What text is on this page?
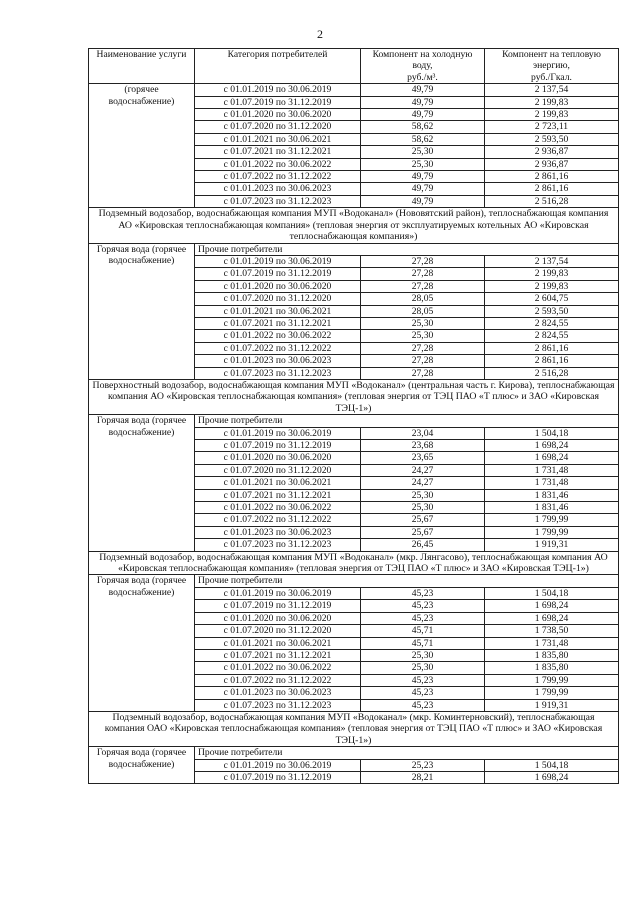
2
Наименование услуги	Категория потребителей	Компонент на холодную воду,
руб./м³.	Компонент на тепловую энергию,
руб./Гкал.
(горячее водоснабжение)	с 01.01.2019 по 30.06.2019	49,79	2 137,54
	с 01.07.2019 по 31.12.2019	49,79	2 199,83
	с 01.01.2020 по 30.06.2020	49,79	2 199,83
	с 01.07.2020 по 31.12.2020	58,62	2 723,11
	с 01.01.2021 по 30.06.2021	58,62	2 593,50
	с 01.07.2021 по 31.12.2021	25,30	2 936,87
	с 01.01.2022 по 30.06.2022	25,30	2 936,87
	с 01.07.2022 по 31.12.2022	49,79	2 861,16
	с 01.01.2023 по 30.06.2023	49,79	2 861,16
	с 01.07.2023 по 31.12.2023	49,79	2 516,28
Подземный водозабор, водоснабжающая компания МУП «Водоканал» (Нововятский район), теплоснабжающая компания АО «Кировская теплоснабжающая компания» (тепловая энергия от эксплуатируемых котельных АО «Кировская теплоснабжающая компания»)			
Горячая вода (горячее водоснабжение)	Прочие потребители		
	с 01.01.2019 по 30.06.2019	27,28	2 137,54
	с 01.07.2019 по 31.12.2019	27,28	2 199,83
	с 01.01.2020 по 30.06.2020	27,28	2 199,83
	с 01.07.2020 по 31.12.2020	28,05	2 604,75
	с 01.01.2021 по 30.06.2021	28,05	2 593,50
	с 01.07.2021 по 31.12.2021	25,30	2 824,55
	с 01.01.2022 по 30.06.2022	25,30	2 824,55
	с 01.07.2022 по 31.12.2022	27,28	2 861,16
	с 01.01.2023 по 30.06.2023	27,28	2 861,16
	с 01.07.2023 по 31.12.2023	27,28	2 516,28
Поверхностный водозабор, водоснабжающая компания МУП «Водоканал» (центральная часть г. Кирова), теплоснабжающая компания АО «Кировская теплоснабжающая компания» (тепловая энергия от ТЭЦ ПАО «Т плюс» и ЗАО «Кировская ТЭЦ-1»)			
Горячая вода (горячее водоснабжение)	Прочие потребители		
	с 01.01.2019 по 30.06.2019	23,04	1 504,18
	с 01.07.2019 по 31.12.2019	23,68	1 698,24
	с 01.01.2020 по 30.06.2020	23,65	1 698,24
	с 01.07.2020 по 31.12.2020	24,27	1 731,48
	с 01.01.2021 по 30.06.2021	24,27	1 731,48
	с 01.07.2021 по 31.12.2021	25,30	1 831,46
	с 01.01.2022 по 30.06.2022	25,30	1 831,46
	с 01.07.2022 по 31.12.2022	25,67	1 799,99
	с 01.01.2023 по 30.06.2023	25,67	1 799,99
	с 01.07.2023 по 31.12.2023	26,45	1 919,31
Подземный водозабор, водоснабжающая компания МУП «Водоканал» (мкр. Лянгасово), теплоснабжающая компания АО «Кировская теплоснабжающая компания» (тепловая энергия от ТЭЦ ПАО «Т плюс» и ЗАО «Кировская ТЭЦ-1»)			
Горячая вода (горячее водоснабжение)	Прочие потребители		
	с 01.01.2019 по 30.06.2019	45,23	1 504,18
	с 01.07.2019 по 31.12.2019	45,23	1 698,24
	с 01.01.2020 по 30.06.2020	45,23	1 698,24
	с 01.07.2020 по 31.12.2020	45,71	1 738,50
	с 01.01.2021 по 30.06.2021	45,71	1 731,48
	с 01.07.2021 по 31.12.2021	25,30	1 835,80
	с 01.01.2022 по 30.06.2022	25,30	1 835,80
	с 01.07.2022 по 31.12.2022	45,23	1 799,99
	с 01.01.2023 по 30.06.2023	45,23	1 799,99
	с 01.07.2023 по 31.12.2023	45,23	1 919,31
Подземный водозабор, водоснабжающая компания МУП «Водоканал» (мкр. Коминтерновский), теплоснабжающая компания ОАО «Кировская теплоснабжающая компания» (тепловая энергия от ТЭЦ ПАО «Т плюс» и ЗАО «Кировская ТЭЦ-1»)			
Горячая вода (горячее водоснабжение)	Прочие потребители		
	с 01.01.2019 по 30.06.2019	25,23	1 504,18
	с 01.07.2019 по 31.12.2019	28,21	1 698,24
